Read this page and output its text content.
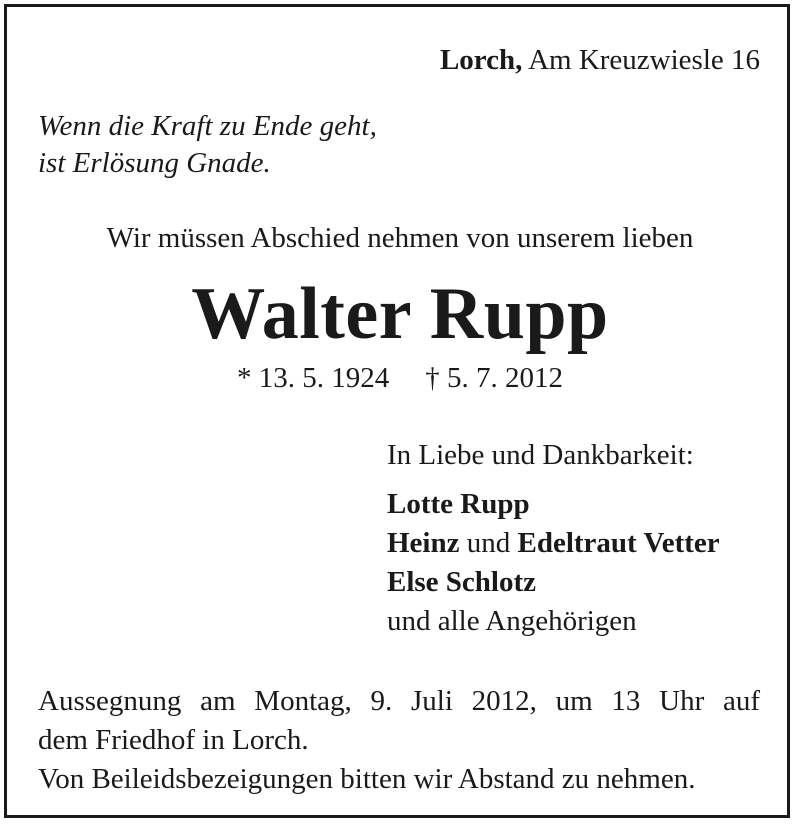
Lorch, Am Kreuzwiesle 16
Wenn die Kraft zu Ende geht,
ist Erlösung Gnade.
Wir müssen Abschied nehmen von unserem lieben
Walter Rupp
* 13. 5. 1924 † 5. 7. 2012
In Liebe und Dankbarkeit:
Lotte Rupp
Heinz und Edeltraut Vetter
Else Schlotz
und alle Angehörigen
Aussegnung am Montag, 9. Juli 2012, um 13 Uhr auf
dem Friedhof in Lorch.
Von Beileidsbezeigungen bitten wir Abstand zu nehmen.
